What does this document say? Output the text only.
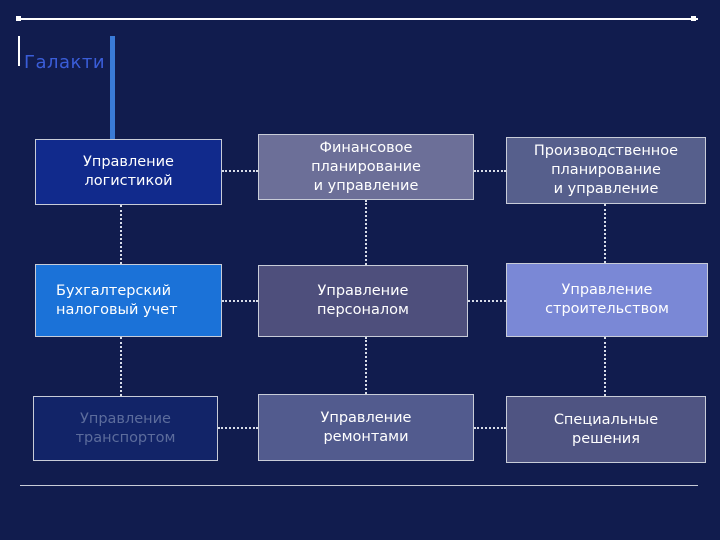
Галакти
Управление
логистикой
Финансовое
планирование
и управление
Производственное
планирование
и управление
Бухгалтерский
налоговый учет
Управление
персоналом
Управление
строительством
Управление
транспортом
Управление
ремонтами
Специальные
решения
